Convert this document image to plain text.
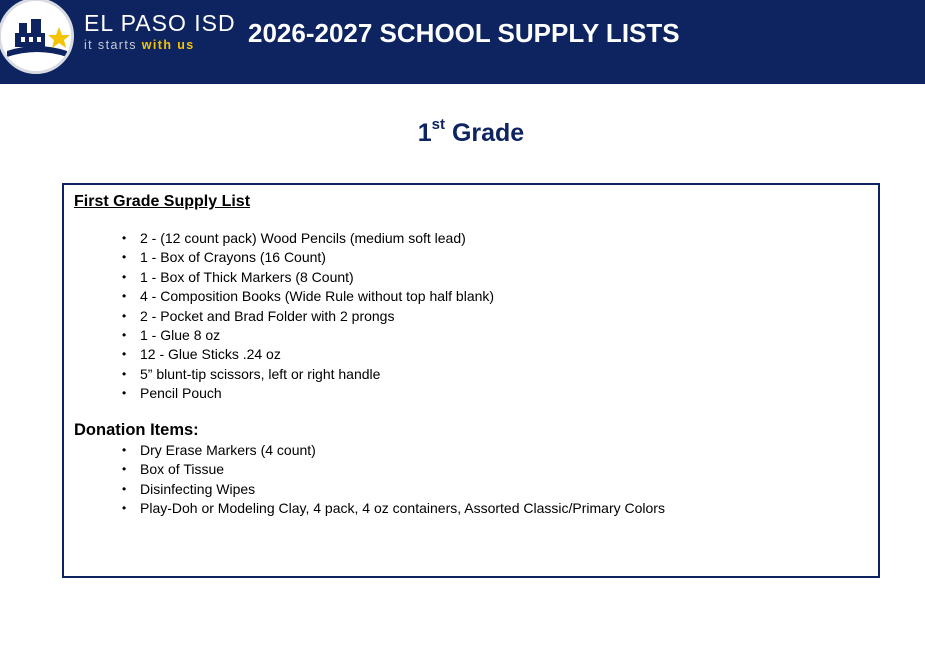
EL PASO ISD
it starts with us	2026-2027 SCHOOL SUPPLY LISTS
1st Grade
First Grade Supply List
• 2 - (12 count pack) Wood Pencils (medium soft lead)
• 1 - Box of Crayons (16 Count)
• 1 - Box of Thick Markers (8 Count)
• 4 - Composition Books (Wide Rule without top half blank)
• 2 - Pocket and Brad Folder with 2 prongs
• 1 - Glue 8 oz
• 12 - Glue Sticks .24 oz
• 5” blunt-tip scissors, left or right handle
• Pencil Pouch
Donation Items:
• Dry Erase Markers (4 count)
• Box of Tissue
• Disinfecting Wipes
• Play-Doh or Modeling Clay, 4 pack, 4 oz containers, Assorted Classic/Primary Colors
